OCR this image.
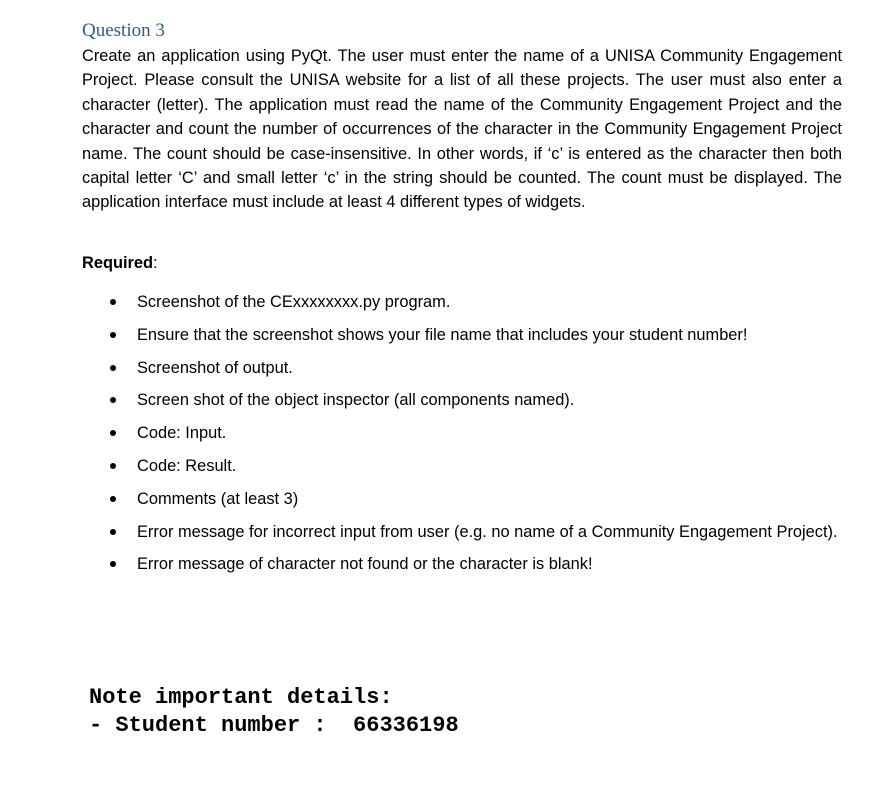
Question 3

Create an application using PyQt. The user must enter the name of a UNISA Community Engagement Project. Please consult the UNISA website for a list of all these projects. The user must also enter a character (letter). The application must read the name of the Community Engagement Project and the character and count the number of occurrences of the character in the Community Engagement Project name. The count should be case-insensitive. In other words, if ‘c’ is entered as the character then both capital letter ‘C’ and small letter ‘c’ in the string should be counted. The count must be displayed. The application interface must include at least 4 different types of widgets.

Required:

Screenshot of the CExxxxxxxx.py program.
Ensure that the screenshot shows your file name that includes your student number!
Screenshot of output.
Screen shot of the object inspector (all components named).
Code: Input.
Code: Result.
Comments (at least 3)
Error message for incorrect input from user (e.g. no name of a Community Engagement Project).
Error message of character not found or the character is blank!
Note important details:
- Student number :  66336198
